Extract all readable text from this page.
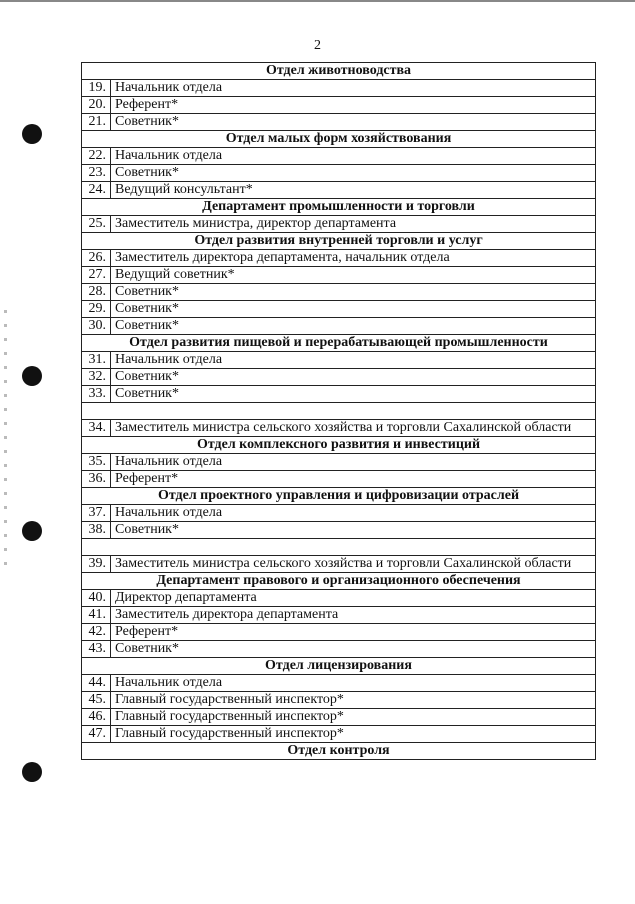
2
Отдел животноводства	
19.	Начальник отдела
20.	Референт*
21.	Советник*
Отдел малых форм хозяйствования	
22.	Начальник отдела
23.	Советник*
24.	Ведущий консультант*
Департамент промышленности и торговли	
25.	Заместитель министра, директор департамента
Отдел развития внутренней торговли и услуг	
26.	Заместитель директора департамента, начальник отдела
27.	Ведущий советник*
28.	Советник*
29.	Советник*
30.	Советник*
Отдел развития пищевой и перерабатывающей промышленности	
31.	Начальник отдела
32.	Советник*
33.	Советник*

34.	Заместитель министра сельского хозяйства и торговли Сахалинской области
Отдел комплексного развития и инвестиций	
35.	Начальник отдела
36.	Референт*
Отдел проектного управления и цифровизации отраслей	
37.	Начальник отдела
38.	Советник*

39.	Заместитель министра сельского хозяйства и торговли Сахалинской области
Департамент правового и организационного обеспечения	
40.	Директор департамента
41.	Заместитель директора департамента
42.	Референт*
43.	Советник*
Отдел лицензирования	
44.	Начальник отдела
45.	Главный государственный инспектор*
46.	Главный государственный инспектор*
47.	Главный государственный инспектор*
Отдел контроля	
